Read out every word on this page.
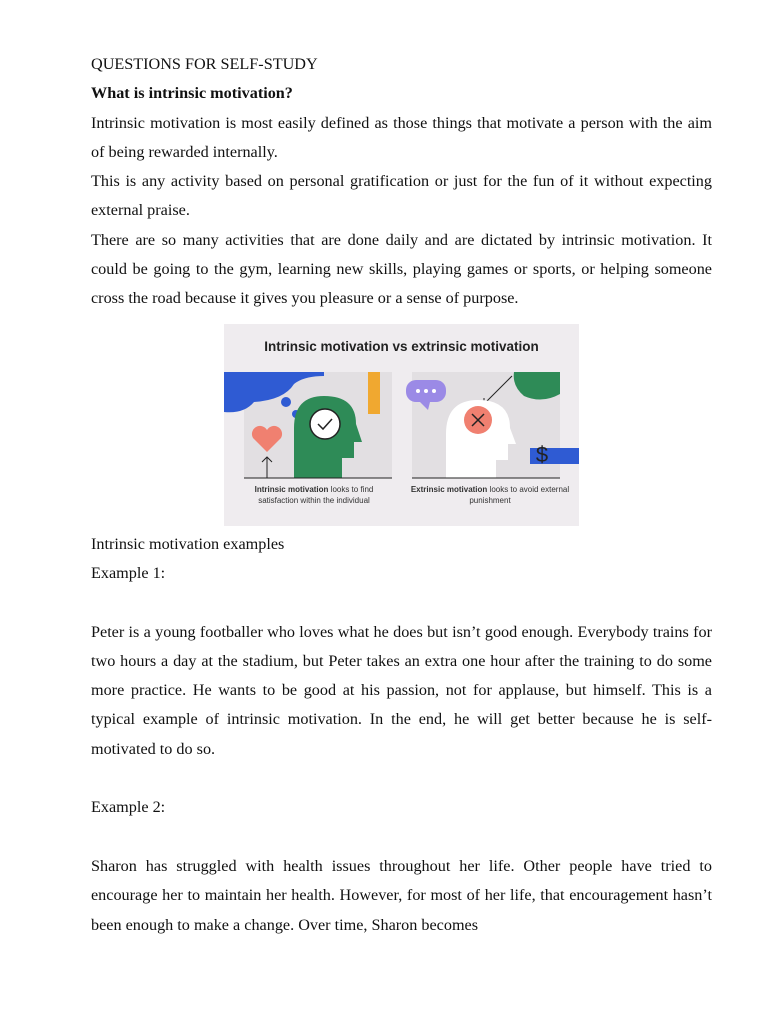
QUESTIONS FOR SELF-STUDY

What is intrinsic motivation?

Intrinsic motivation is most easily defined as those things that motivate a person with the aim of being rewarded internally.

This is any activity based on personal gratification or just for the fun of it without expecting external praise.

There are so many activities that are done daily and are dictated by intrinsic motivation. It could be going to the gym, learning new skills, playing games or sports, or helping someone cross the road because it gives you pleasure or a sense of purpose.

$
Intrinsic motivation vs extrinsic motivation
Intrinsic motivation looks to find satisfaction within the individual
Extrinsic motivation looks to avoid external punishment

Intrinsic motivation examples

Example 1:

Peter is a young footballer who loves what he does but isn’t good enough. Everybody trains for two hours a day at the stadium, but Peter takes an extra one hour after the training to do some more practice. He wants to be good at his passion, not for applause, but himself. This is a typical example of intrinsic motivation. In the end, he will get better because he is self-motivated to do so.

Example 2:

Sharon has struggled with health issues throughout her life. Other people have tried to encourage her to maintain her health. However, for most of her life, that encouragement hasn’t been enough to make a change. Over time, Sharon becomes
